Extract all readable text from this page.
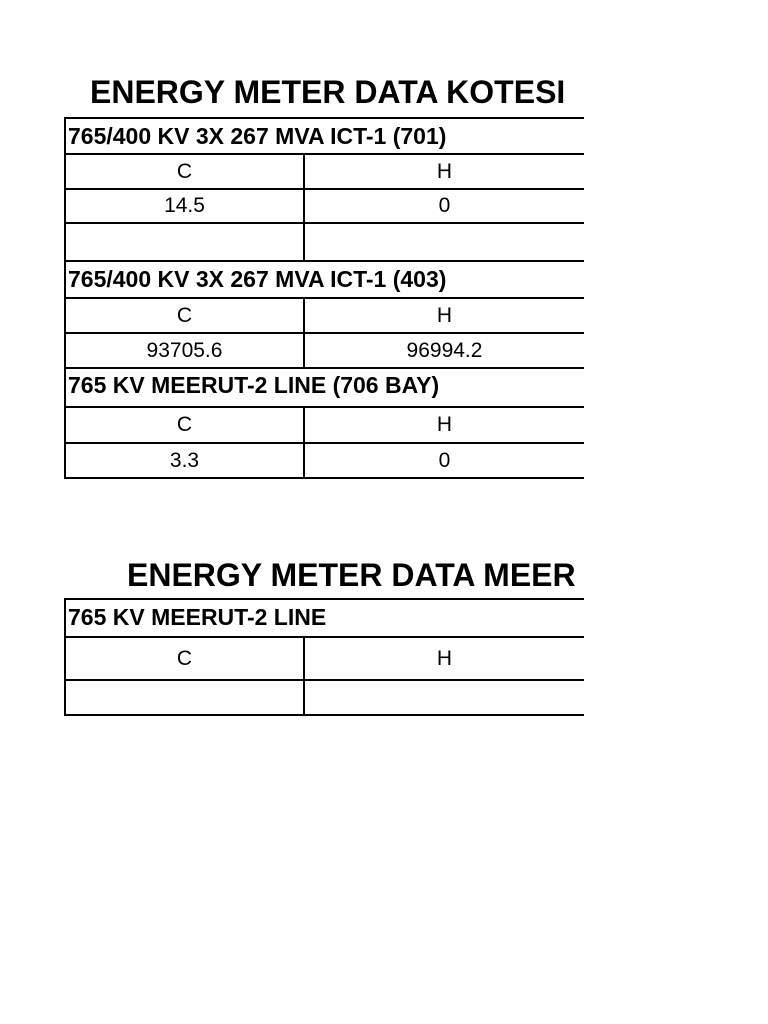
ENERGY METER DATA KOTESI
765/400 KV 3X 267 MVA ICT-1 (701)
C	H
14.5	0

765/400 KV 3X 267 MVA ICT-1 (403)
C	H
93705.6	96994.2
765 KV MEERUT-2 LINE (706 BAY)
C	H
3.3	0
ENERGY METER DATA MEER
765 KV MEERUT-2 LINE
C	H
